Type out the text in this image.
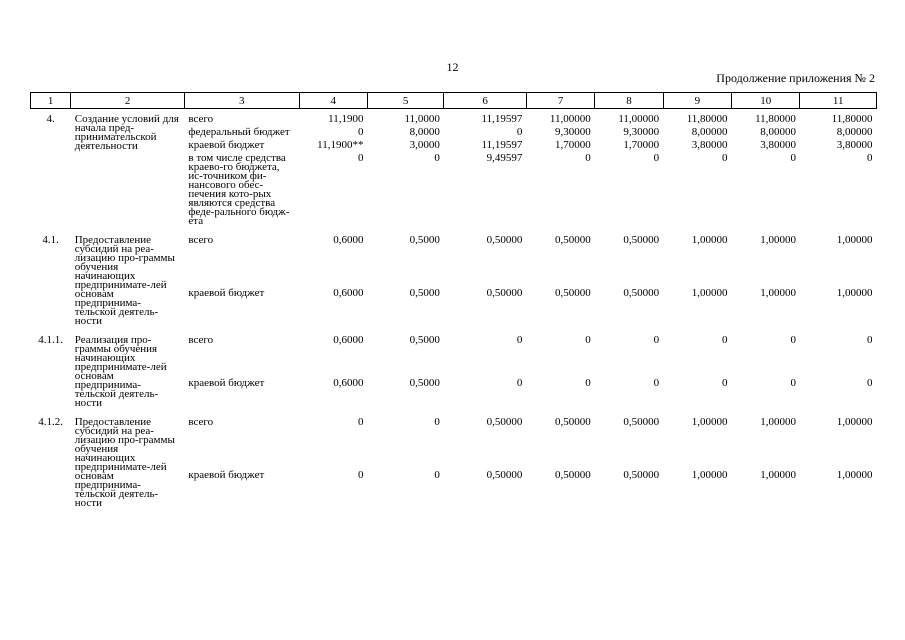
12
Продолжение приложения № 2
1	2	3	4	5	6	7	8	9	10	11
4.	Создание условий для начала пред-принимательской деятельности	всего	11,1900	11,0000	11,19597	11,00000	11,00000	11,80000	11,80000	11,80000
		федеральный бюджет	0	8,0000	0	9,30000	9,30000	8,00000	8,00000	8,00000
		краевой бюджет	11,1900**	3,0000	11,19597	1,70000	1,70000	3,80000	3,80000	3,80000
		в том числе средства краево-го бюджета, ис-точником фи-нансового обес-печения кото-рых являются средства феде-рального бюдж-ета	0	0	9,49597	0	0	0	0	0
4.1.	Предоставление субсидий на реа-лизацию про-граммы обучения начинающих предпринимате-лей основам предпринима-тельской деятель-ности	всего	0,6000	0,5000	0,50000	0,50000	0,50000	1,00000	1,00000	1,00000
		краевой бюджет	0,6000	0,5000	0,50000	0,50000	0,50000	1,00000	1,00000	1,00000
4.1.1.	Реализация про-граммы обучения начинающих предпринимате-лей основам предпринима-тельской деятель-ности	всего	0,6000	0,5000	0	0	0	0	0	0
		краевой бюджет	0,6000	0,5000	0	0	0	0	0	0
4.1.2.	Предоставление субсидий на реа-лизацию про-граммы обучения начинающих предпринимате-лей основам предпринима-тельской деятель-ности	всего	0	0	0,50000	0,50000	0,50000	1,00000	1,00000	1,00000
		краевой бюджет	0	0	0,50000	0,50000	0,50000	1,00000	1,00000	1,00000
